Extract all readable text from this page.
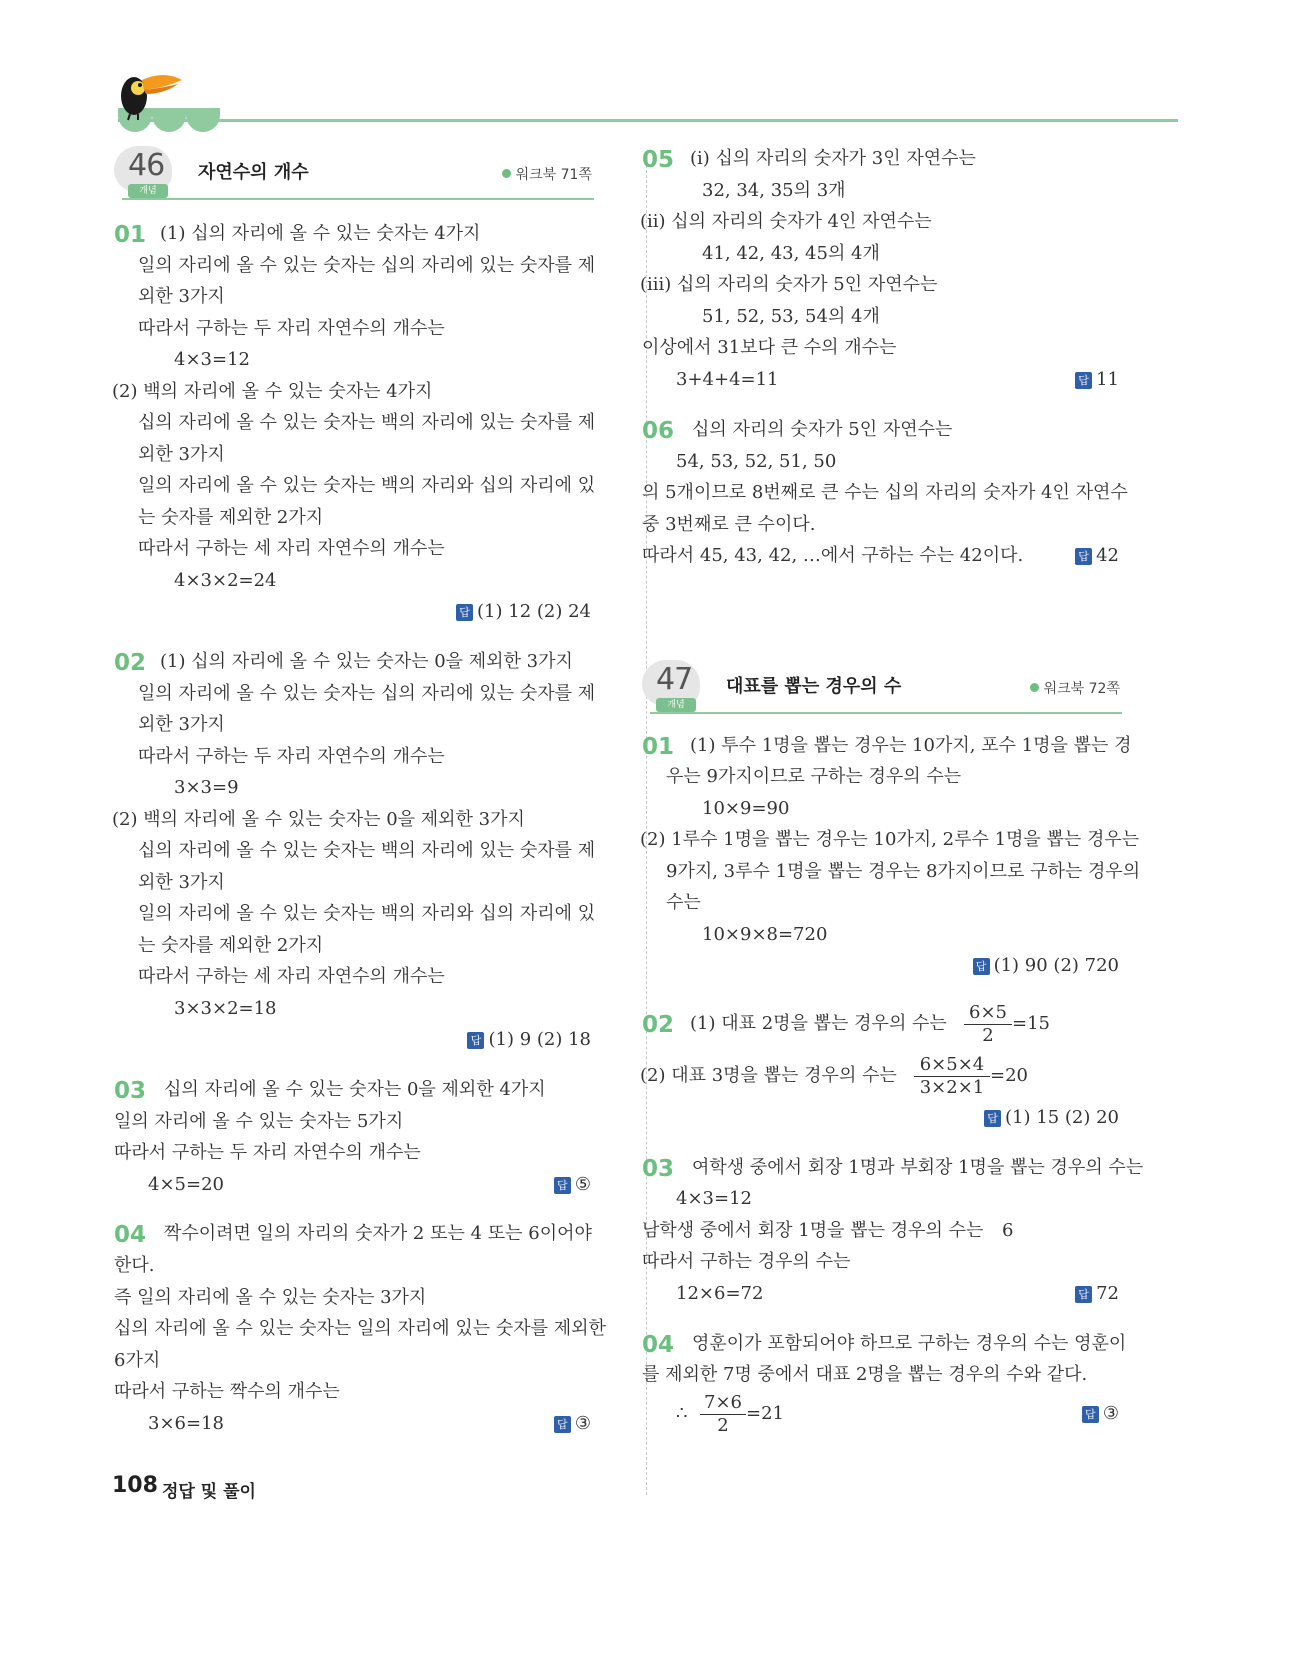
46
개념
자연수의 개수	워크북 71쪽
01 (1) 십의 자리에 올 수 있는 숫자는 4가지
일의 자리에 올 수 있는 숫자는 십의 자리에 있는 숫자를 제
외한 3가지
따라서 구하는 두 자리 자연수의 개수는
4×3=12
(2) 백의 자리에 올 수 있는 숫자는 4가지
십의 자리에 올 수 있는 숫자는 백의 자리에 있는 숫자를 제
외한 3가지
일의 자리에 올 수 있는 숫자는 백의 자리와 십의 자리에 있
는 숫자를 제외한 2가지
따라서 구하는 세 자리 자연수의 개수는
4×3×2=24
답 (1) 12 (2) 24
02 (1) 십의 자리에 올 수 있는 숫자는 0을 제외한 3가지
일의 자리에 올 수 있는 숫자는 십의 자리에 있는 숫자를 제
외한 3가지
따라서 구하는 두 자리 자연수의 개수는
3×3=9
(2) 백의 자리에 올 수 있는 숫자는 0을 제외한 3가지
십의 자리에 올 수 있는 숫자는 백의 자리에 있는 숫자를 제
외한 3가지
일의 자리에 올 수 있는 숫자는 백의 자리와 십의 자리에 있
는 숫자를 제외한 2가지
따라서 구하는 세 자리 자연수의 개수는
3×3×2=18
답 (1) 9 (2) 18
03 십의 자리에 올 수 있는 숫자는 0을 제외한 4가지
일의 자리에 올 수 있는 숫자는 5가지
따라서 구하는 두 자리 자연수의 개수는
4×5=20	답 ⑤
04 짝수이려면 일의 자리의 숫자가 2 또는 4 또는 6이어야
한다.
즉 일의 자리에 올 수 있는 숫자는 3가지
십의 자리에 올 수 있는 숫자는 일의 자리에 있는 숫자를 제외한
6가지
따라서 구하는 짝수의 개수는
3×6=18	답 ③
05 (ⅰ) 십의 자리의 숫자가 3인 자연수는
32, 34, 35의 3개
(ⅱ) 십의 자리의 숫자가 4인 자연수는
41, 42, 43, 45의 4개
(ⅲ) 십의 자리의 숫자가 5인 자연수는
51, 52, 53, 54의 4개
이상에서 31보다 큰 수의 개수는
3+4+4=11	답 11
06 십의 자리의 숫자가 5인 자연수는
54, 53, 52, 51, 50
의 5개이므로 8번째로 큰 수는 십의 자리의 숫자가 4인 자연수
중 3번째로 큰 수이다.
따라서 45, 43, 42, …에서 구하는 수는 42이다.	답 42
47
개념
대표를 뽑는 경우의 수	워크북 72쪽
01 (1) 투수 1명을 뽑는 경우는 10가지, 포수 1명을 뽑는 경
우는 9가지이므로 구하는 경우의 수는
10×9=90
(2) 1루수 1명을 뽑는 경우는 10가지, 2루수 1명을 뽑는 경우는
9가지, 3루수 1명을 뽑는 경우는 8가지이므로 구하는 경우의
수는
10×9×8=720
답 (1) 90 (2) 720
02 (1) 대표 2명을 뽑는 경우의 수는 $\frac{6\times 5}{2} =15$
(2) 대표 3명을 뽑는 경우의 수는 $\frac{6\times 5\times 4}{3\times 2\times 1} =20$
답 (1) 15 (2) 20
03 여학생 중에서 회장 1명과 부회장 1명을 뽑는 경우의 수는
4×3=12
남학생 중에서 회장 1명을 뽑는 경우의 수는 6
따라서 구하는 경우의 수는
12×6=72	답 72
04 영훈이가 포함되어야 하므로 구하는 경우의 수는 영훈이
를 제외한 7명 중에서 대표 2명을 뽑는 경우의 수와 같다.
∴ $\frac{7\times 6}{2} =21$	답 ③
108 정답 및 풀이
